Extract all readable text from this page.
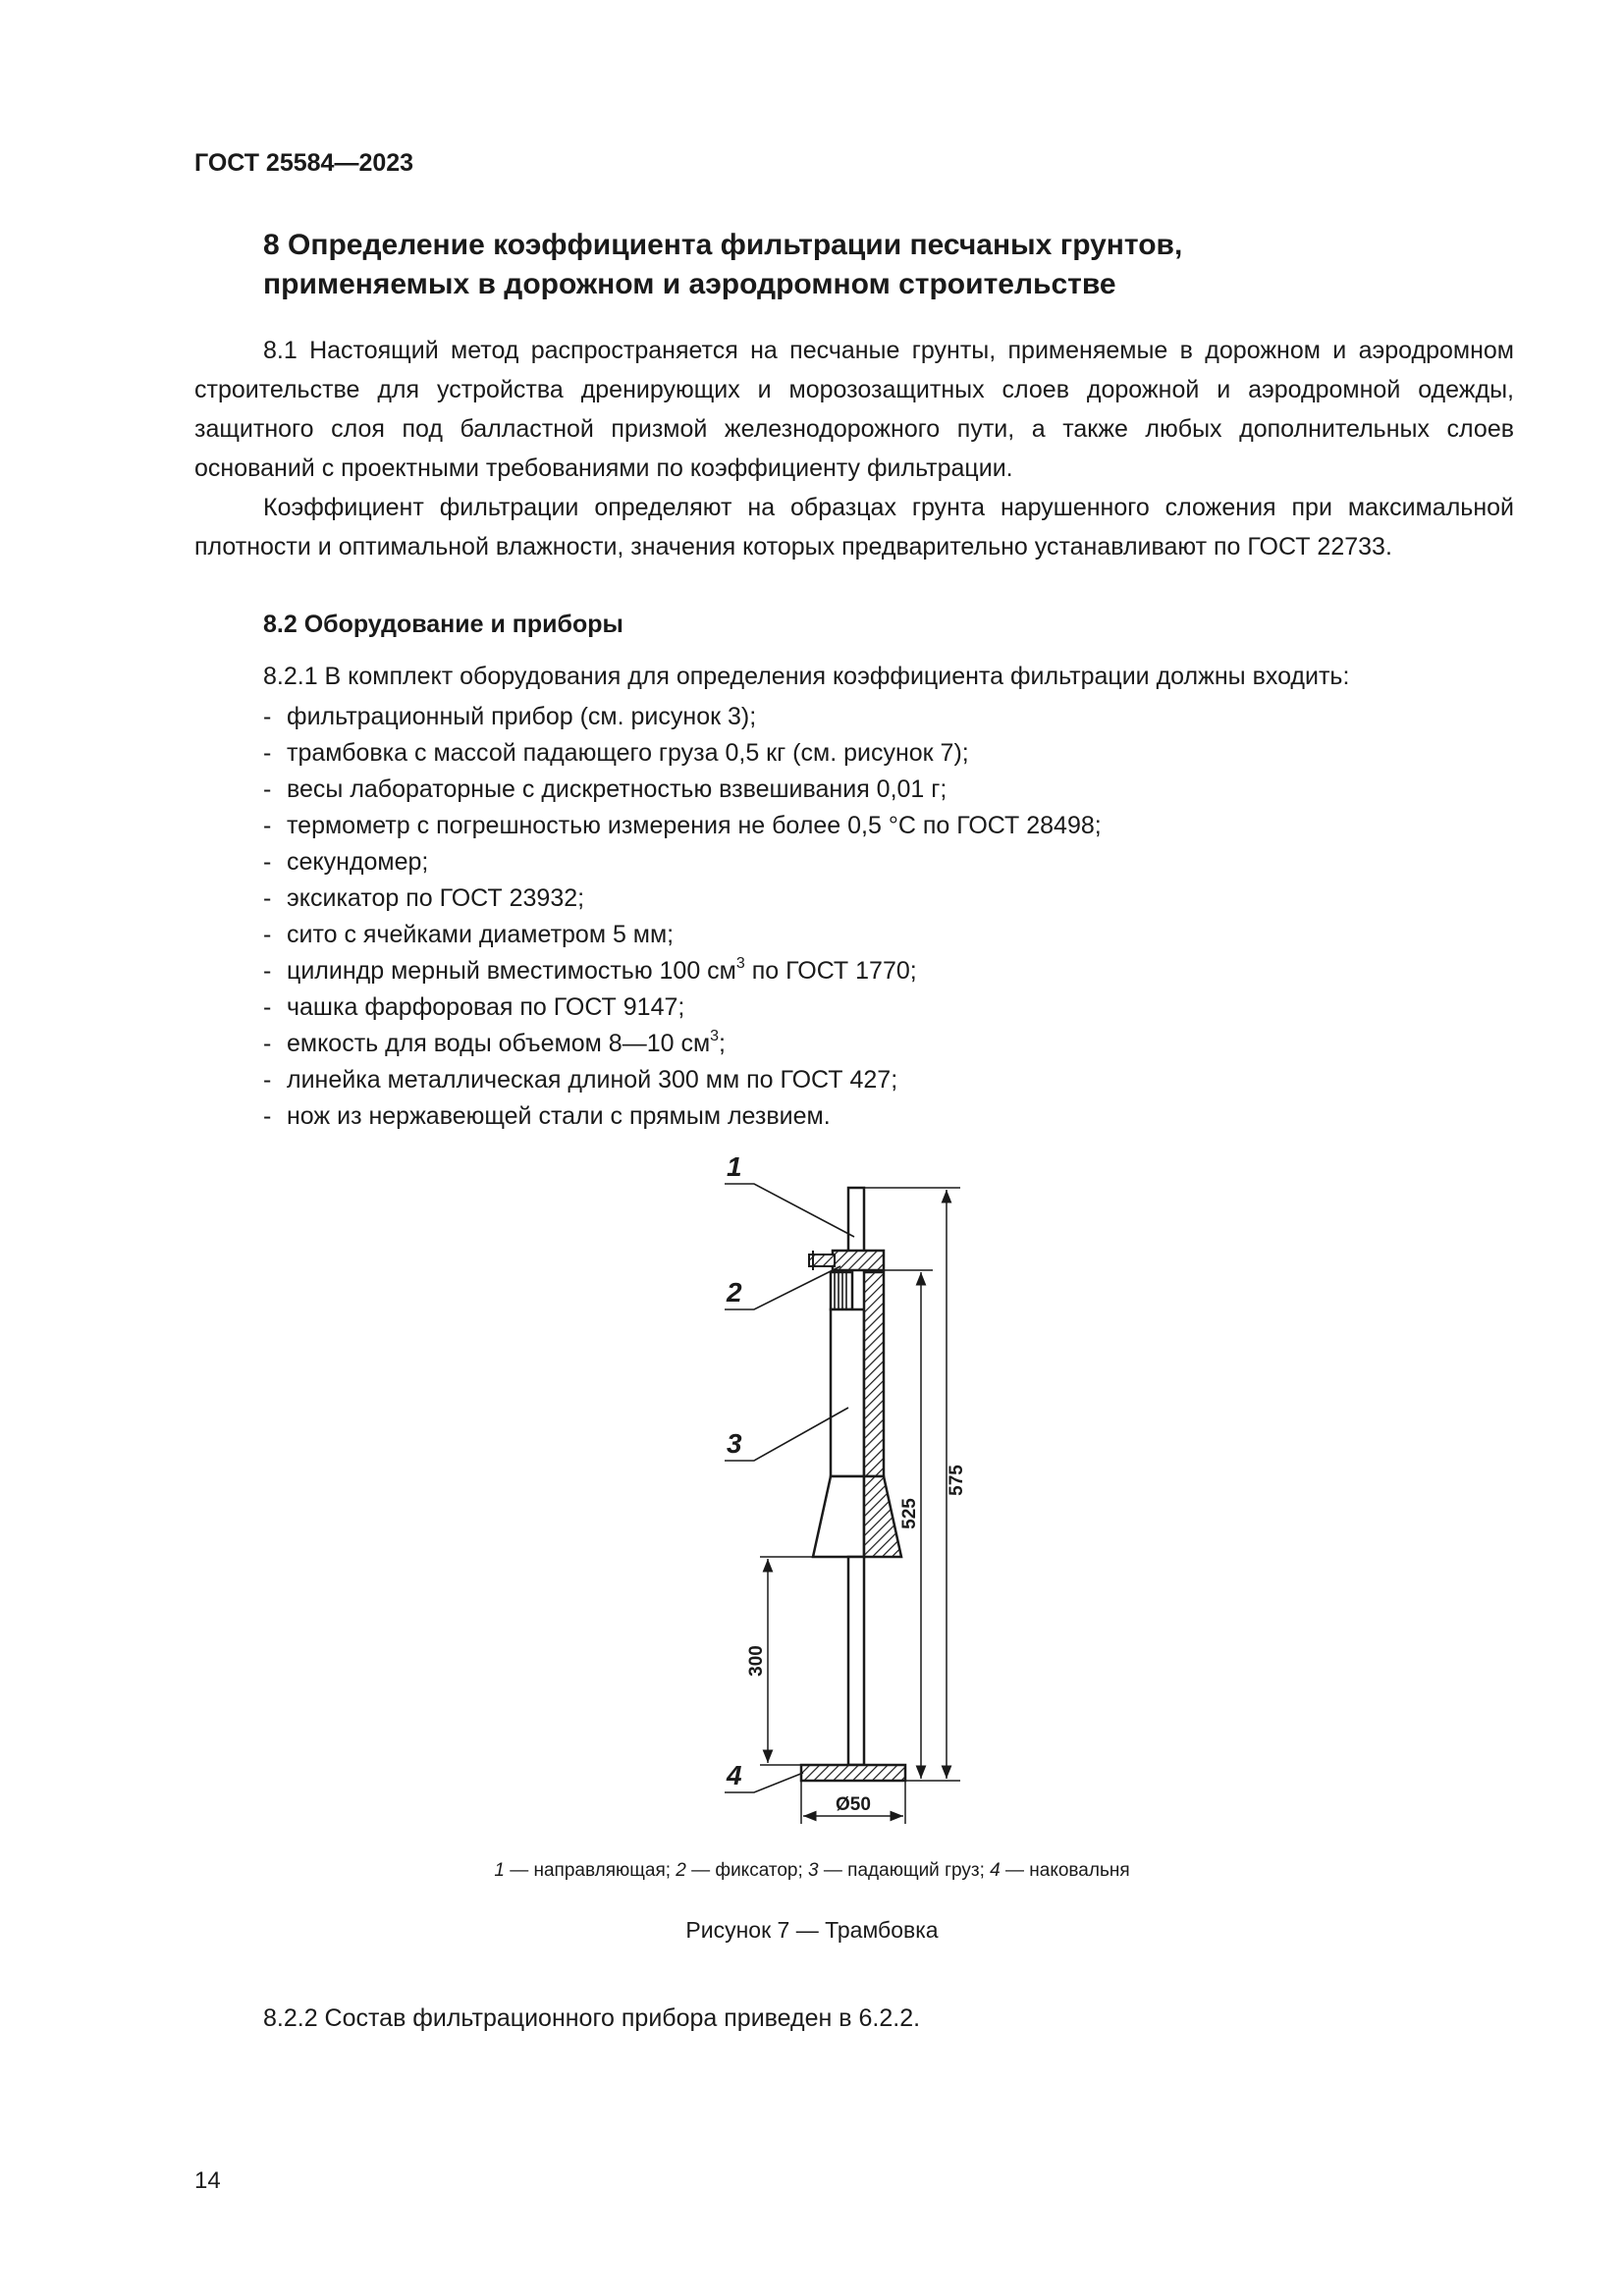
ГОСТ 25584—2023

8 Определение коэффициента фильтрации песчаных грунтов,
применяемых в дорожном и аэродромном строительстве

8.1 Настоящий метод распространяется на песчаные грунты, применяемые в дорожном и аэродромном строительстве для устройства дренирующих и морозозащитных слоев дорожной и аэродромной одежды, защитного слоя под балластной призмой железнодорожного пути, а также любых дополнительных слоев оснований с проектными требованиями по коэффициенту фильтрации.

Коэффициент фильтрации определяют на образцах грунта нарушенного сложения при максимальной плотности и оптимальной влажности, значения которых предварительно устанавливают по ГОСТ 22733.

8.2 Оборудование и приборы

8.2.1 В комплект оборудования для определения коэффициента фильтрации должны входить:

- фильтрационный прибор (см. рисунок 3);
- трамбовка с массой падающего груза 0,5 кг (см. рисунок 7);
- весы лабораторные с дискретностью взвешивания 0,01 г;
- термометр с погрешностью измерения не более 0,5 °С по ГОСТ 28498;
- секундомер;
- эксикатор по ГОСТ 23932;
- сито с ячейками диаметром 5 мм;
- цилиндр мерный вместимостью 100 $см^3$ по ГОСТ 1770;
- чашка фарфоровая по ГОСТ 9147;
- емкость для воды объемом 8—10 $см^3$;
- линейка металлическая длиной 300 мм по ГОСТ 427;
- нож из нержавеющей стали с прямым лезвием.
575
525
300
Ø50
1
2
3
4

1 — направляющая; 2 — фиксатор; 3 — падающий груз; 4 — наковальня

Рисунок 7 — Трамбовка

8.2.2 Состав фильтрационного прибора приведен в 6.2.2.

14
